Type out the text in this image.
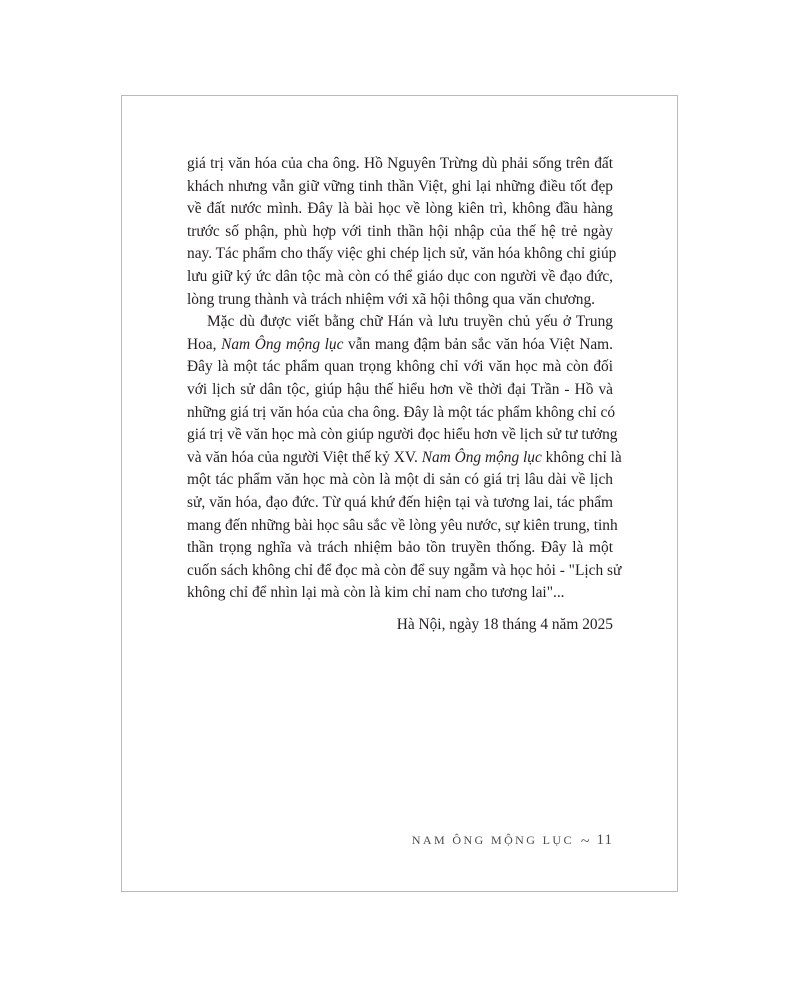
giá trị văn hóa của cha ông. Hồ Nguyên Trừng dù phải sống trên đất
khách nhưng vẫn giữ vững tinh thần Việt, ghi lại những điều tốt đẹp
về đất nước mình. Đây là bài học về lòng kiên trì, không đầu hàng
trước số phận, phù hợp với tinh thần hội nhập của thế hệ trẻ ngày
nay. Tác phẩm cho thấy việc ghi chép lịch sử, văn hóa không chỉ giúp
lưu giữ ký ức dân tộc mà còn có thể giáo dục con người về đạo đức,
lòng trung thành và trách nhiệm với xã hội thông qua văn chương.
Mặc dù được viết bằng chữ Hán và lưu truyền chủ yếu ở Trung
Hoa, Nam Ông mộng lục vẫn mang đậm bản sắc văn hóa Việt Nam.
Đây là một tác phẩm quan trọng không chỉ với văn học mà còn đối
với lịch sử dân tộc, giúp hậu thế hiểu hơn về thời đại Trần - Hồ và
những giá trị văn hóa của cha ông. Đây là một tác phẩm không chỉ có
giá trị về văn học mà còn giúp người đọc hiểu hơn về lịch sử tư tưởng
và văn hóa của người Việt thế kỷ XV. Nam Ông mộng lục không chỉ là
một tác phẩm văn học mà còn là một di sản có giá trị lâu dài về lịch
sử, văn hóa, đạo đức. Từ quá khứ đến hiện tại và tương lai, tác phẩm
mang đến những bài học sâu sắc về lòng yêu nước, sự kiên trung, tinh
thần trọng nghĩa và trách nhiệm bảo tồn truyền thống. Đây là một
cuốn sách không chỉ để đọc mà còn để suy ngẫm và học hỏi - "Lịch sử
không chỉ để nhìn lại mà còn là kim chỉ nam cho tương lai"...
Hà Nội, ngày 18 tháng 4 năm 2025
NAM ÔNG MỘNG LỤC ~ 11
